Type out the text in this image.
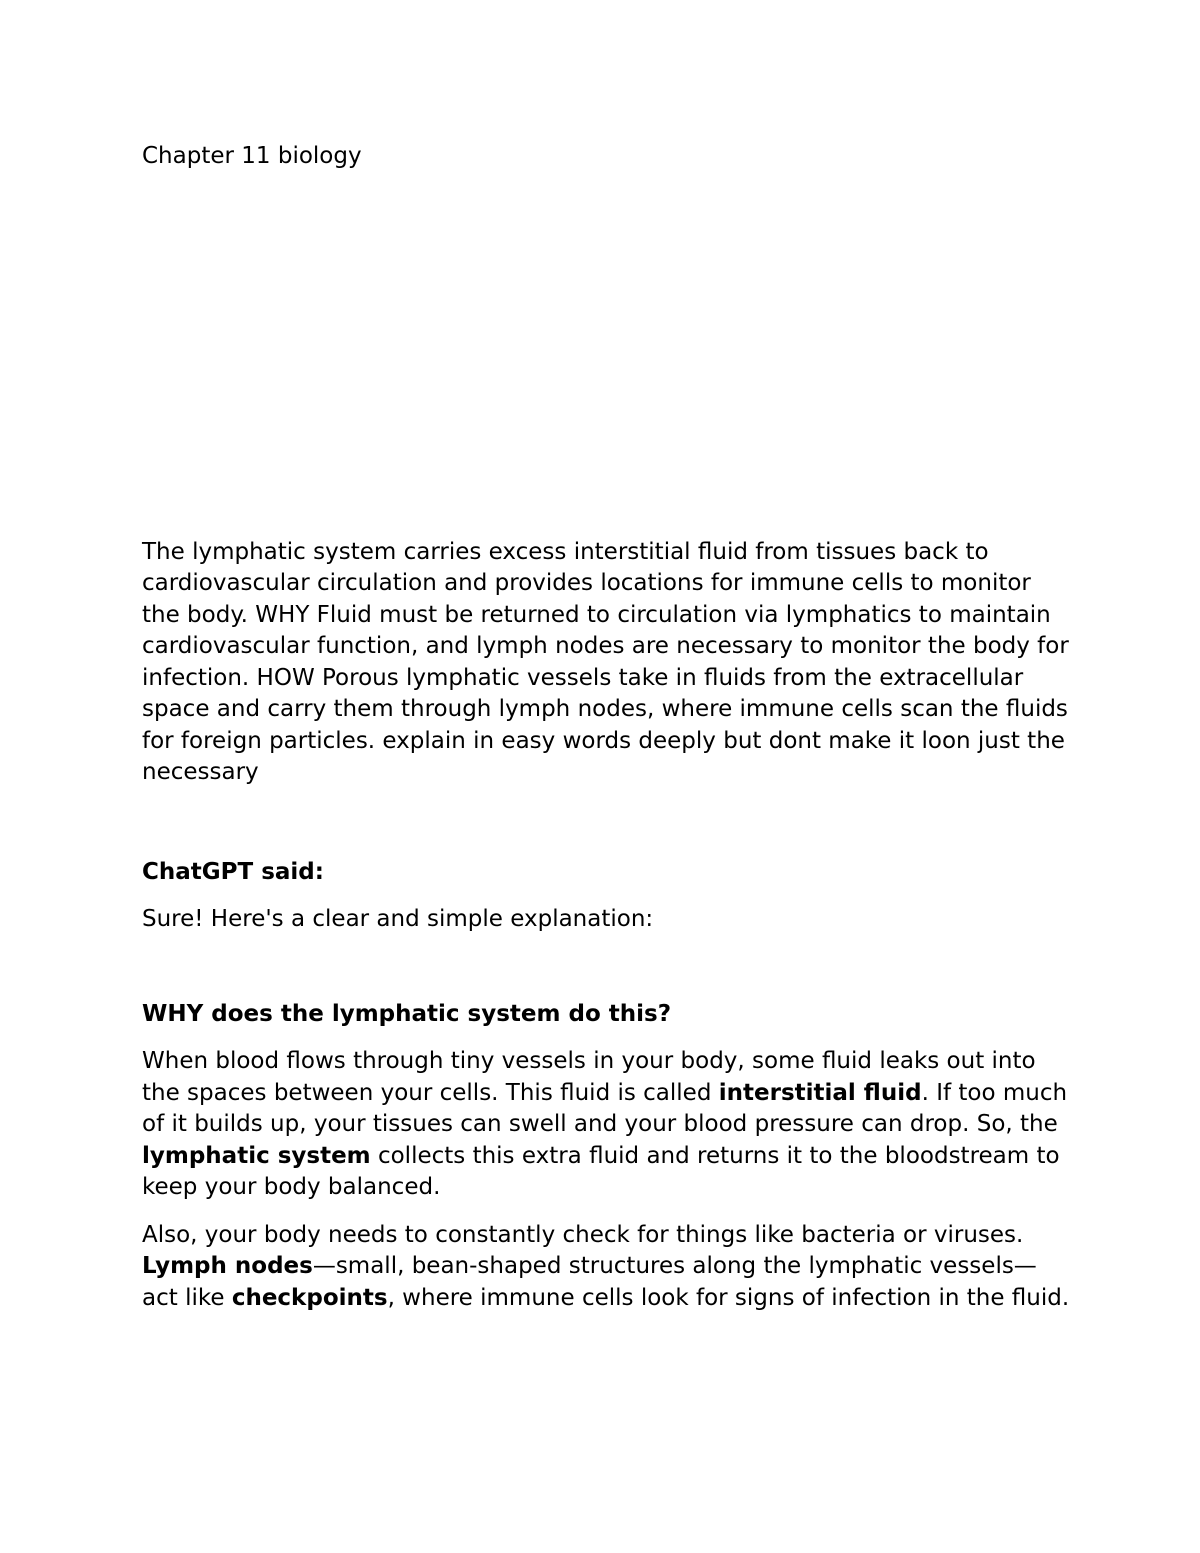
Chapter 11 biology

The lymphatic system carries excess interstitial fluid from tissues back to cardiovascular circulation and provides locations for immune cells to monitor the body. WHY Fluid must be returned to circulation via lymphatics to maintain cardiovascular function, and lymph nodes are necessary to monitor the body for infection. HOW Porous lymphatic vessels take in fluids from the extracellular space and carry them through lymph nodes, where immune cells scan the fluids for foreign particles. explain in easy words deeply but dont make it loon just the necessary

ChatGPT said:

Sure! Here's a clear and simple explanation:

WHY does the lymphatic system do this?

When blood flows through tiny vessels in your body, some fluid leaks out into the spaces between your cells. This fluid is called interstitial fluid. If too much of it builds up, your tissues can swell and your blood pressure can drop. So, the lymphatic system collects this extra fluid and returns it to the bloodstream to keep your body balanced.

Also, your body needs to constantly check for things like bacteria or viruses. Lymph nodes—small, bean-shaped structures along the lymphatic vessels—act like checkpoints, where immune cells look for signs of infection in the fluid.
